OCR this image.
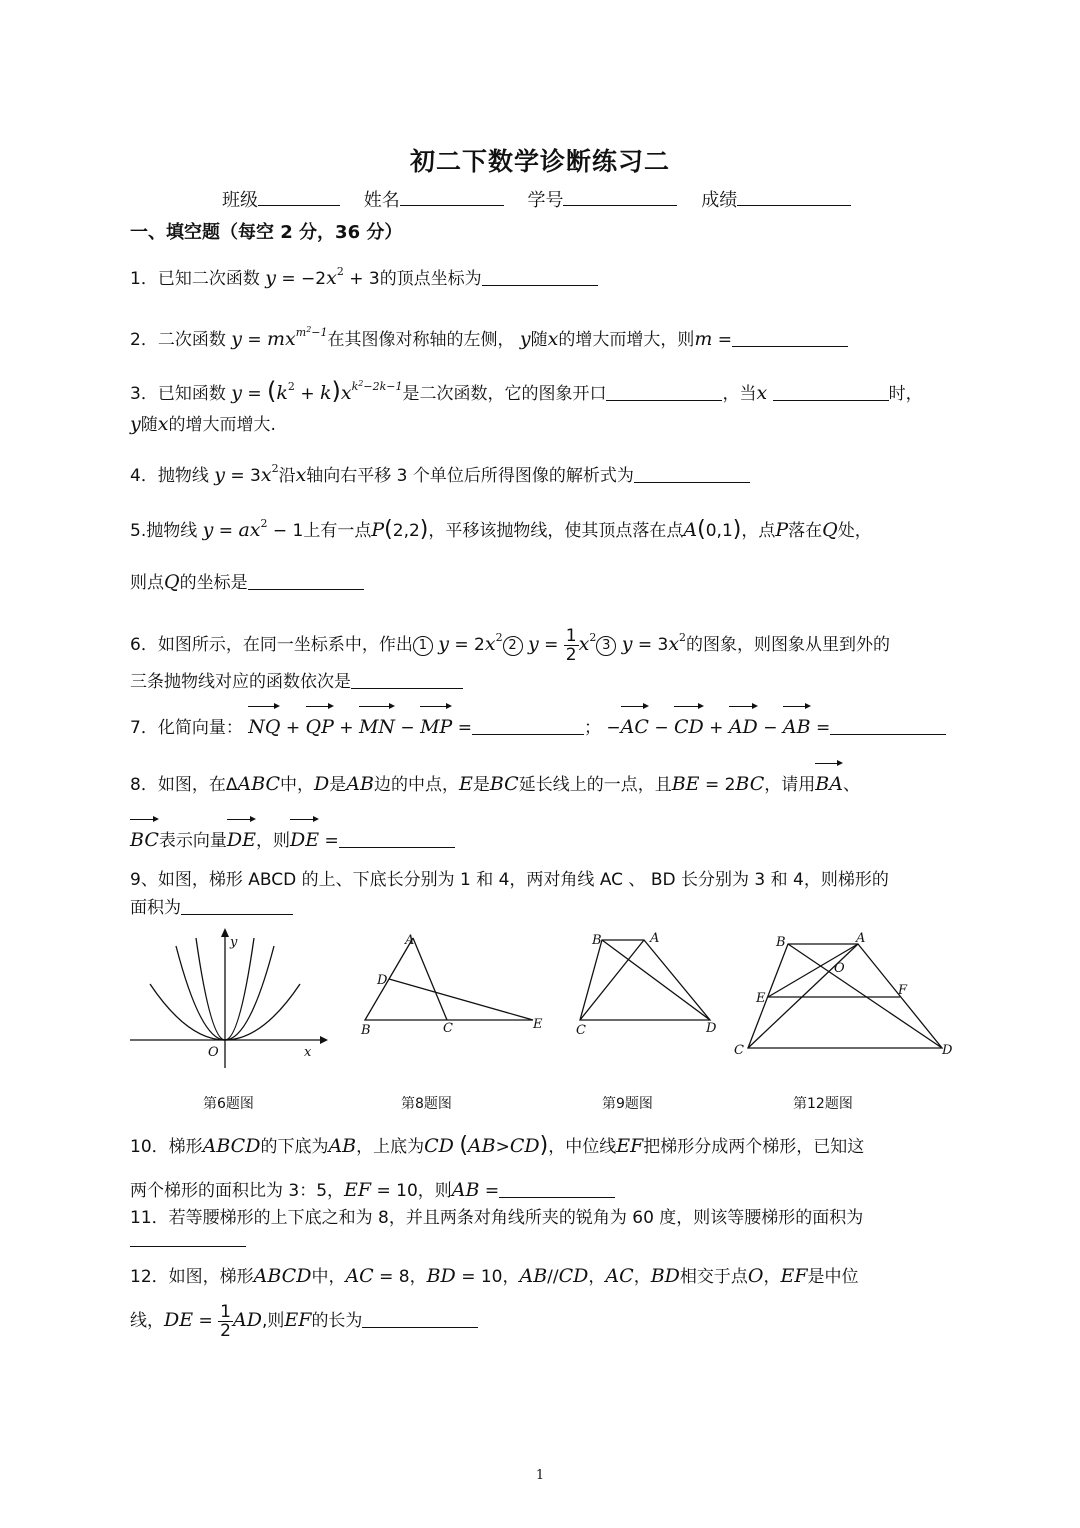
初二下数学诊断练习二
班级	姓名	学号	成绩
一、填空题（每空 2 分，36 分）
1．已知二次函数 $y = -2x^2 + 3$的顶点坐标为
2．二次函数 $y = mx^{m^2-1}$在其图像对称轴的左侧， y随x的增大而增大，则m =
3．已知函数 $y = (k^2 + k)x^{k^2-2k-1}$是二次函数，它的图象开口	，当x	时，
y随x的增大而增大.
4．抛物线 $y = 3x^2$沿x轴向右平移 3 个单位后所得图像的解析式为
5.抛物线 $y = ax^2 - 1$上有一点P(2,2)，平移该抛物线，使其顶点落在点A(0,1)，点P落在Q处，
则点Q的坐标是
6．如图所示，在同一坐标系中，作出 1 $y = 2x^22$ $y = \frac{1}{2} x^23$ $y = 3x^2$的图象，则图象从里到外的
三条抛物线对应的函数依次是
7．化简向量： NQ + QP + MN − MP =	； −AC − CD + AD − AB =
8．如图，在ΔABC中，D是AB边的中点，E是BC延长线上的一点，且BE = 2BC，请用BA、
BC表示向量DE，则DE =
9、如图，梯形 ABCD 的上、下底长分别为 1 和 4，两对角线 AC 、 BD 长分别为 3 和 4，则梯形的
面积为
y
O	x
A
D
B	C	E
B	A
C	D
B	A
O
E
F
C	D
第6题图	第8题图	第9题图	第12题图
10．梯形ABCD的下底为AB，上底为CD (AB>CD)，中位线EF把梯形分成两个梯形，已知这
两个梯形的面积比为 3：5，EF = 10，则AB =
11．若等腰梯形的上下底之和为 8，并且两条对角线所夹的锐角为 60 度，则该等腰梯形的面积为
12．如图，梯形ABCD中，AC = 8，BD = 10，AB//CD，AC，BD相交于点O，EF是中位
线，DE = $\frac{1}{2}$ AD,则EF的长为
1
